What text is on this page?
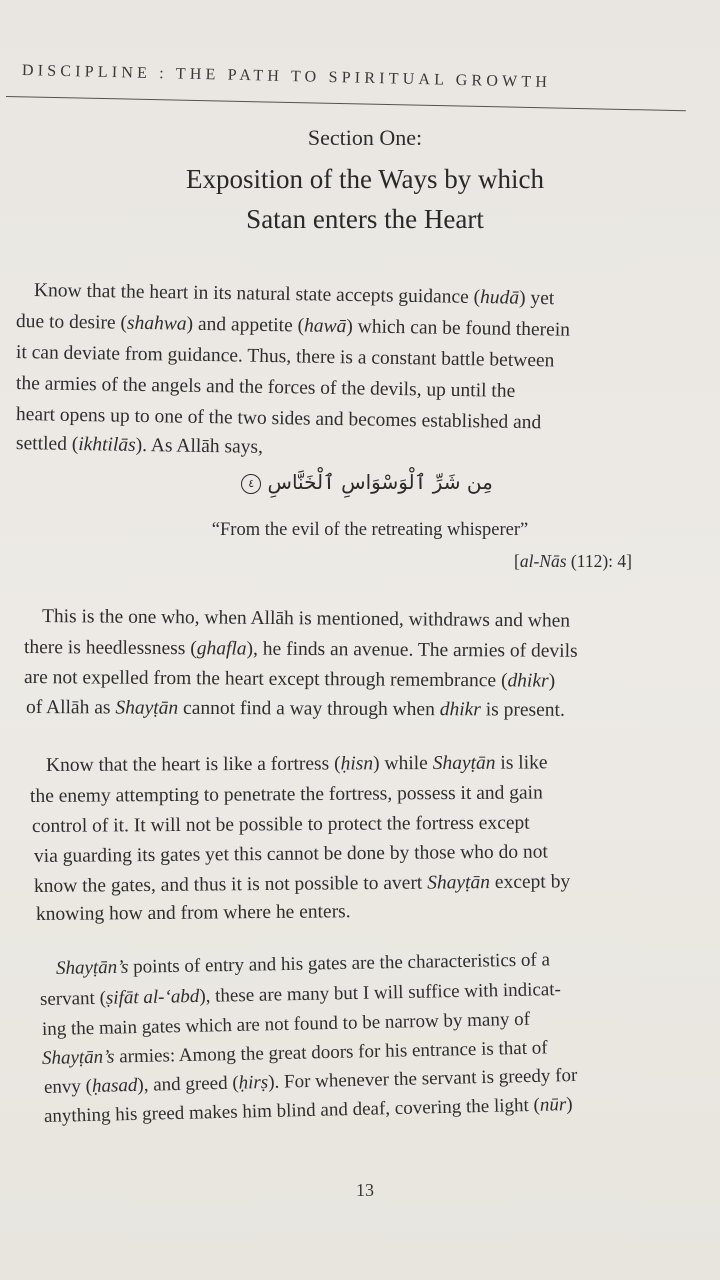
DISCIPLINE : THE PATH TO SPIRITUAL GROWTH
Section One:
Exposition of the Ways by which
Satan enters the Heart
Know that the heart in its natural state accepts guidance (hudā) yet
due to desire (shahwa) and appetite (hawā) which can be found therein
it can deviate from guidance. Thus, there is a constant battle between
the armies of the angels and the forces of the devils, up until the
heart opens up to one of the two sides and becomes established and
settled (ikhtilās). As Allāh says,
٤ مِن شَرِّ ٱلْوَسْوَاسِ ٱلْخَنَّاسِ
“From the evil of the retreating whisperer”
[al-Nās (112): 4]
This is the one who, when Allāh is mentioned, withdraws and when
there is heedlessness (ghafla), he finds an avenue. The armies of devils
are not expelled from the heart except through remembrance (dhikr)
of Allāh as Shayṭān cannot find a way through when dhikr is present.
Know that the heart is like a fortress (ḥisn) while Shayṭān is like
the enemy attempting to penetrate the fortress, possess it and gain
control of it. It will not be possible to protect the fortress except
via guarding its gates yet this cannot be done by those who do not
know the gates, and thus it is not possible to avert Shayṭān except by
knowing how and from where he enters.
Shayṭān’s points of entry and his gates are the characteristics of a
servant (ṣifāt al-‘abd), these are many but I will suffice with indicat-
ing the main gates which are not found to be narrow by many of
Shayṭān’s armies: Among the great doors for his entrance is that of
envy (ḥasad), and greed (ḥirṣ). For whenever the servant is greedy for
anything his greed makes him blind and deaf, covering the light (nūr)
13
